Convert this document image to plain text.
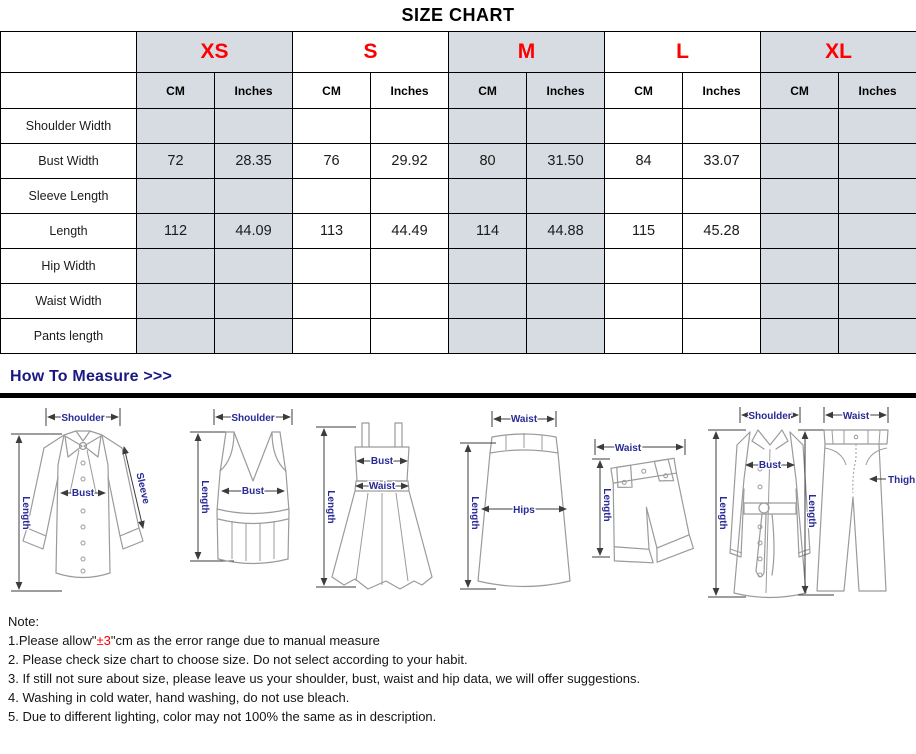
SIZE CHART
	XS		S		M		L		XL	
	CM	Inches	CM	Inches	CM	Inches	CM	Inches	CM	Inches
Shoulder Width										
Bust Width	72	28.35	76	29.92	80	31.50	84	33.07		
Sleeve Length										
Length	112	44.09	113	44.49	114	44.88	115	45.28		
Hip Width										
Waist Width										
Pants length										
How To Measure >>>
Shoulder
Bust	Sleeve
Length
Shoulder
Bust
Length
Bust
Waist
Length
Waist
Hips
Length
Waist
Length
Shoulder
Bust
Length
Waist
Thigh
Length
Note:
1.Please allow"±3"cm as the error range due to manual measure
2. Please check size chart to choose size. Do not select according to your habit.
3. If still not sure about size, please leave us your shoulder, bust, waist and hip data, we will offer suggestions.
4. Washing in cold water, hand washing, do not use bleach.
5. Due to different lighting, color may not 100% the same as in description.
